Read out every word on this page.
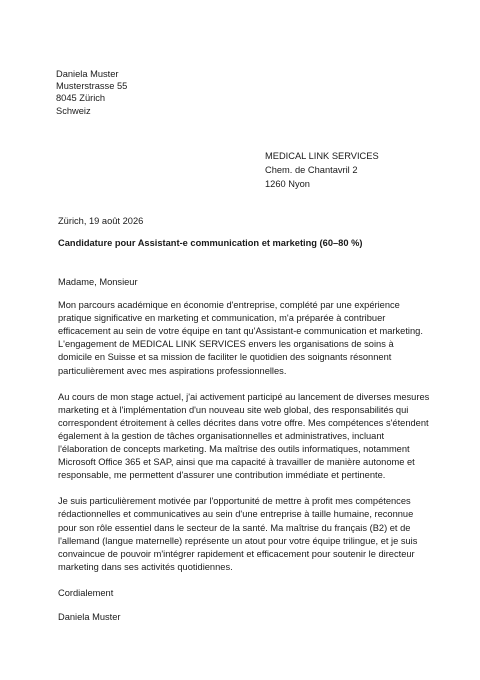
Daniela Muster
Musterstrasse 55
8045 Zürich
Schweiz
MEDICAL LINK SERVICES
Chem. de Chantavril 2
1260 Nyon
Zürich, 19 août 2026
Candidature pour Assistant-e communication et marketing (60–80 %)

Madame, Monsieur

Mon parcours académique en économie d'entreprise, complété par une expérience pratique significative en marketing et communication, m'a préparée à contribuer efficacement au sein de votre équipe en tant qu'Assistant-e communication et marketing. L'engagement de MEDICAL LINK SERVICES envers les organisations de soins à domicile en Suisse et sa mission de faciliter le quotidien des soignants résonnent particulièrement avec mes aspirations professionnelles.

Au cours de mon stage actuel, j'ai activement participé au lancement de diverses mesures marketing et à l'implémentation d'un nouveau site web global, des responsabilités qui correspondent étroitement à celles décrites dans votre offre. Mes compétences s'étendent également à la gestion de tâches organisationnelles et administratives, incluant l'élaboration de concepts marketing. Ma maîtrise des outils informatiques, notamment Microsoft Office 365 et SAP, ainsi que ma capacité à travailler de manière autonome et responsable, me permettent d'assurer une contribution immédiate et pertinente.

Je suis particulièrement motivée par l'opportunité de mettre à profit mes compétences rédactionnelles et communicatives au sein d'une entreprise à taille humaine, reconnue pour son rôle essentiel dans le secteur de la santé. Ma maîtrise du français (B2) et de l'allemand (langue maternelle) représente un atout pour votre équipe trilingue, et je suis convaincue de pouvoir m'intégrer rapidement et efficacement pour soutenir le directeur marketing dans ses activités quotidiennes.

Cordialement

Daniela Muster
